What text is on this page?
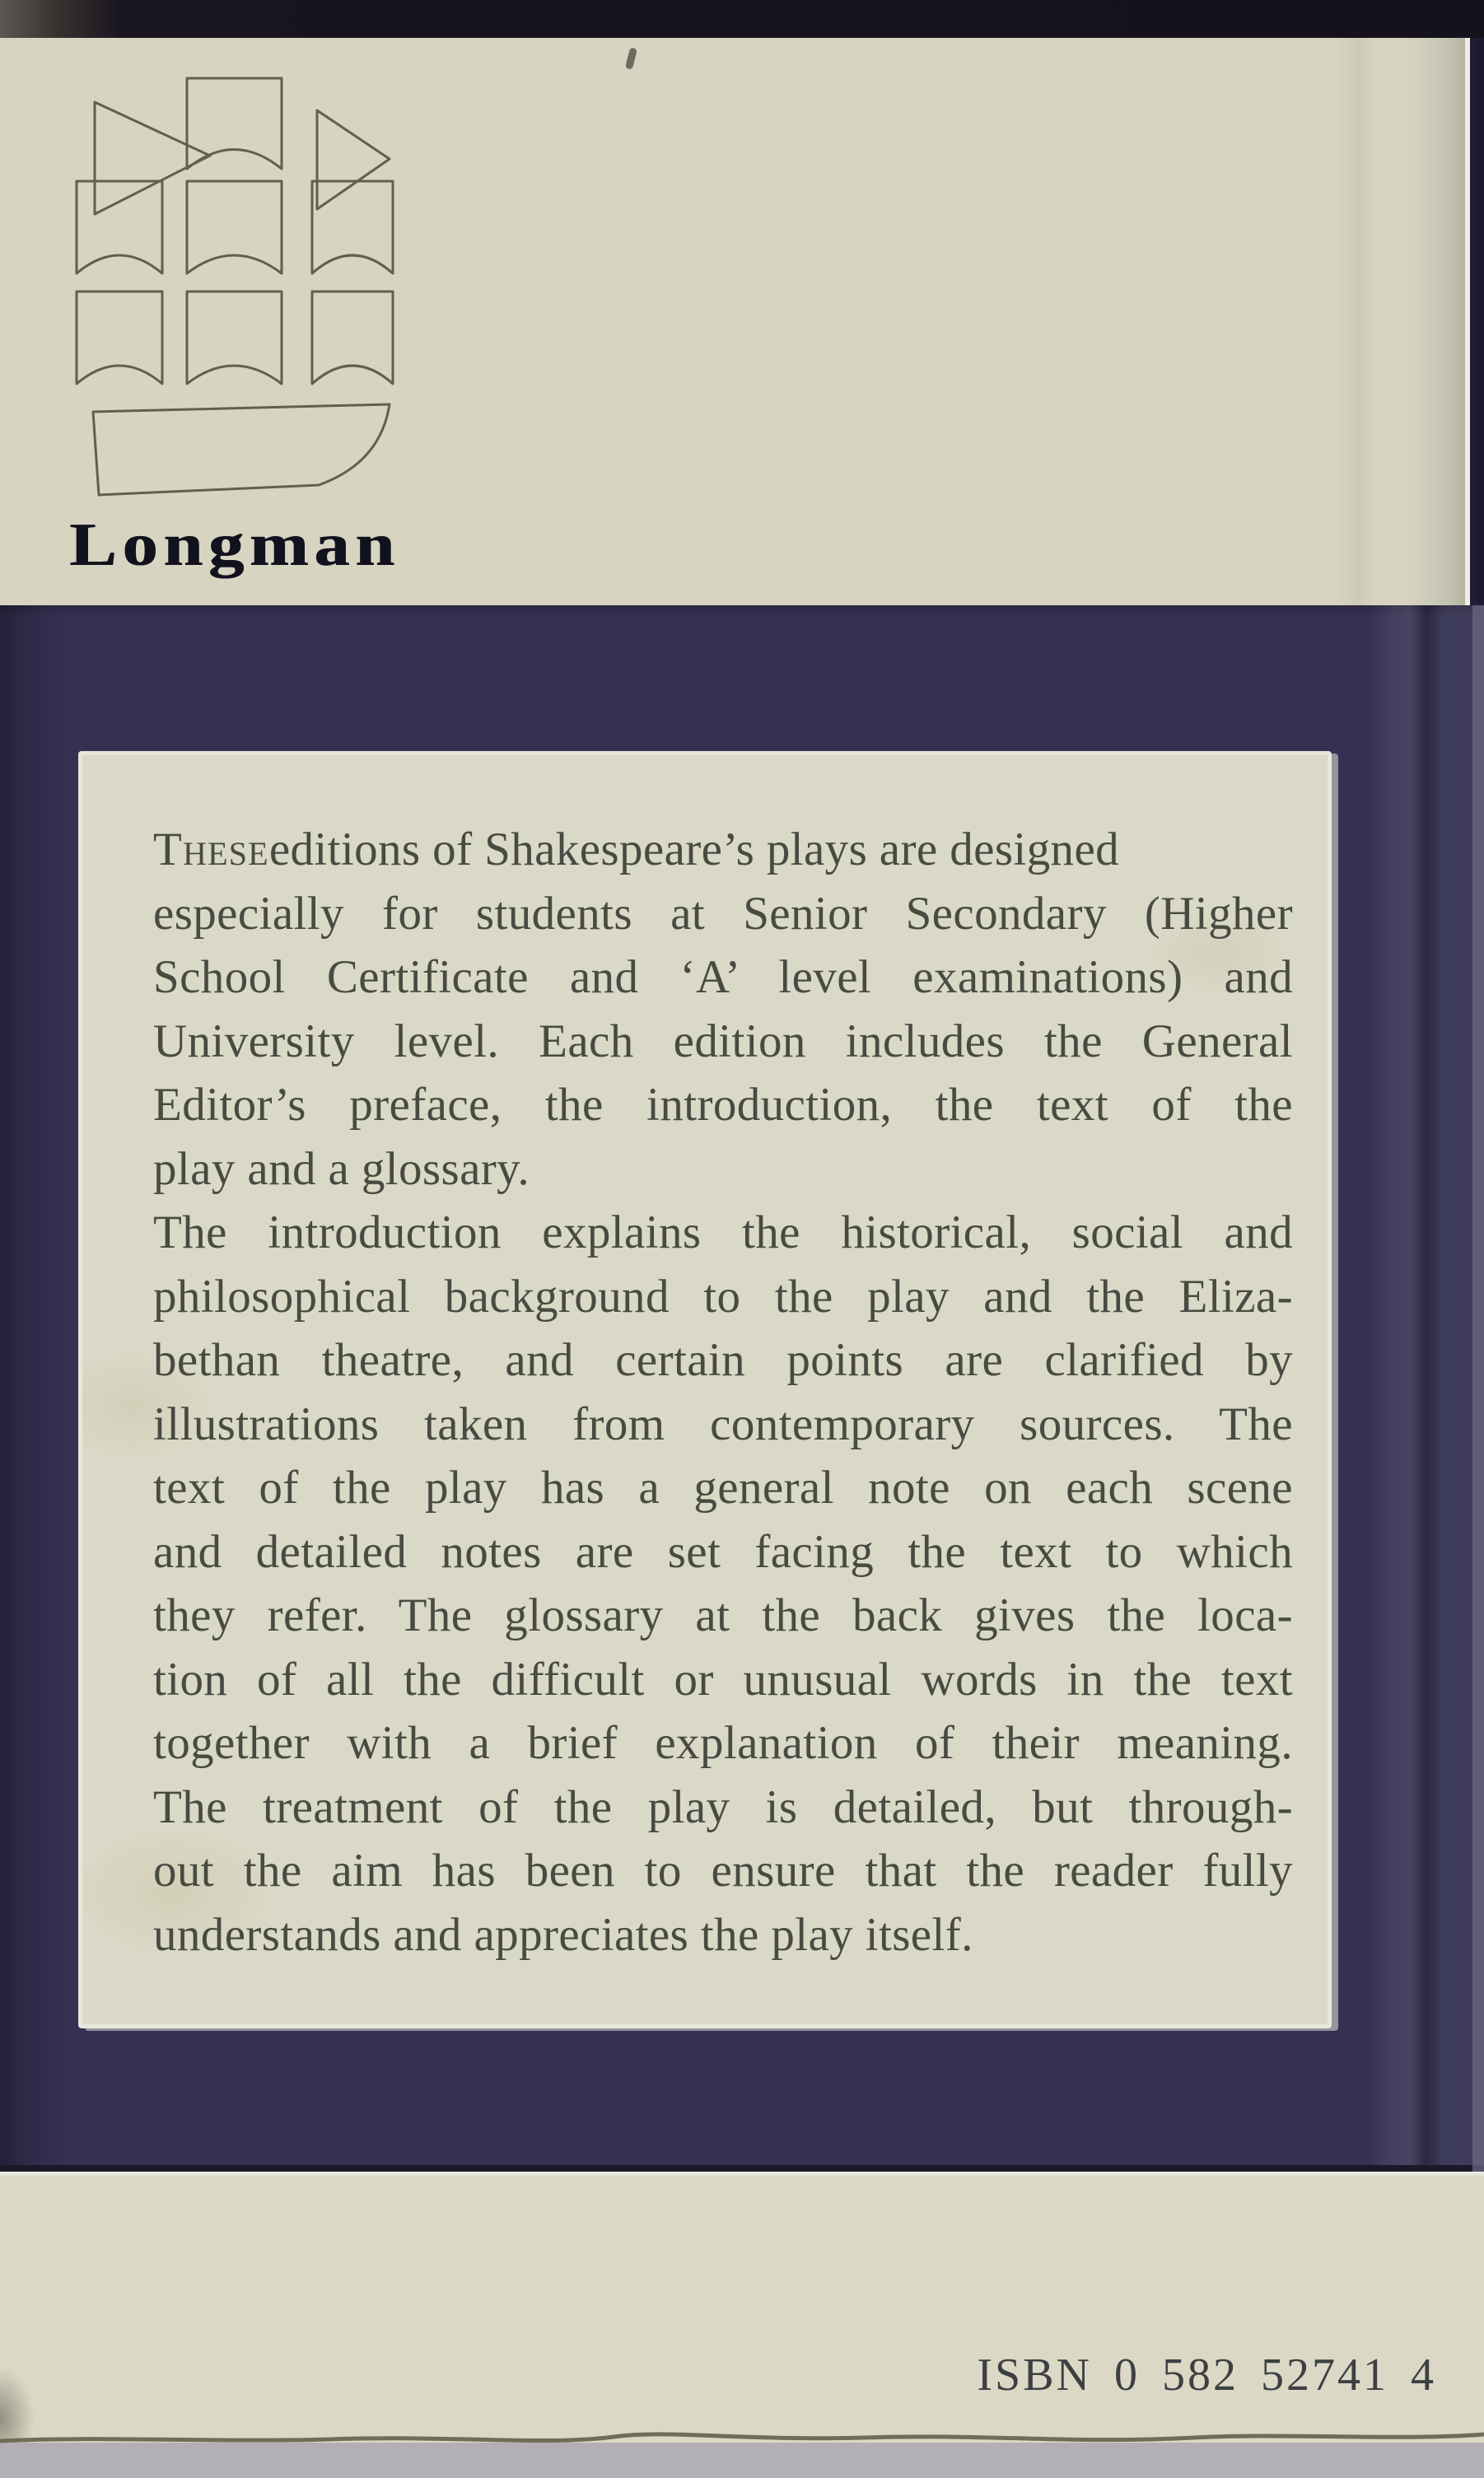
Longman
These editions of Shakespeare’s plays are designed
especially for students at Senior Secondary (Higher
School Certificate and ‘A’ level examinations) and
University level. Each edition includes the General
Editor’s preface, the introduction, the text of the
play and a glossary.
The introduction explains the historical, social and
philosophical background to the play and the Eliza-
bethan theatre, and certain points are clarified by
illustrations taken from contemporary sources. The
text of the play has a general note on each scene
and detailed notes are set facing the text to which
they refer. The glossary at the back gives the loca-
tion of all the difficult or unusual words in the text
together with a brief explanation of their meaning.
The treatment of the play is detailed, but through-
out the aim has been to ensure that the reader fully
understands and appreciates the play itself.
ISBN 0 582 52741 4
